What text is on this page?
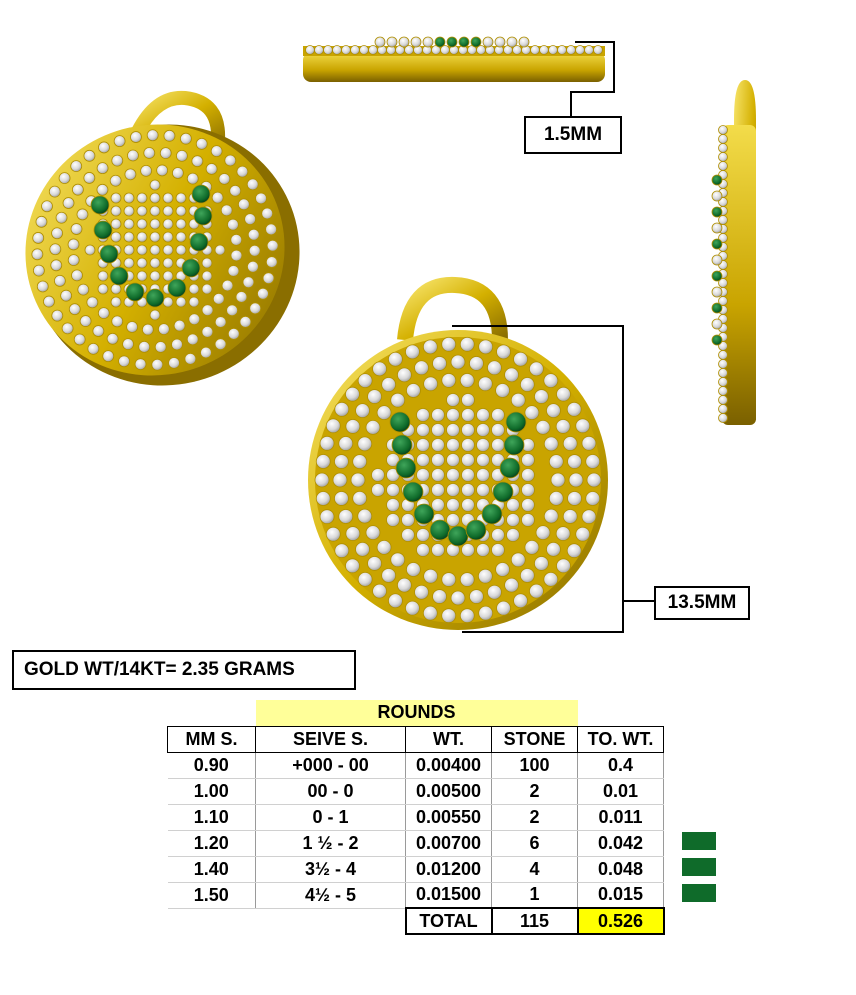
1.5MM
13.5MM
GOLD WT/14KT= 2.35 GRAMS
	ROUNDS				
MM S.	SEIVE S.	WT.	STONE	TO. WT.	
0.90	+000 - 00	0.00400	100	0.4	
1.00	00 - 0	0.00500	2	0.01	
1.10	0 - 1	0.00550	2	0.011	
1.20	1 ½ - 2	0.00700	6	0.042	
1.40	3½ - 4	0.01200	4	0.048	
1.50	4½ - 5	0.01500	1	0.015	
		TOTAL	115	0.526	
